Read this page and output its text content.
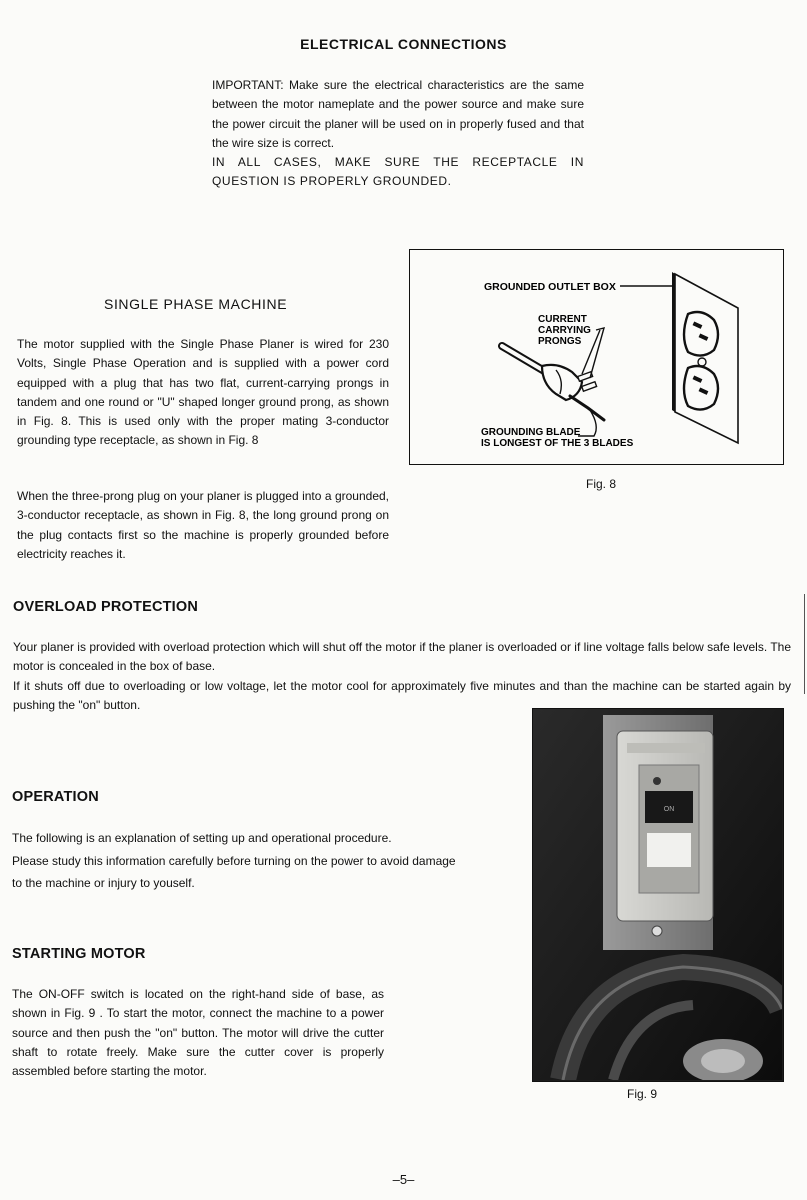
ELECTRICAL CONNECTIONS

IMPORTANT: Make sure the electrical characteristics are the same between the motor nameplate and the power source and make sure the power circuit the planer will be used on in properly fused and that the wire size is correct.

IN ALL CASES, MAKE SURE THE RECEPTACLE IN QUESTION IS PROPERLY GROUNDED.

SINGLE PHASE MACHINE

The motor supplied with the Single Phase Planer is wired for 230 Volts, Single Phase Operation and is supplied with a power cord equipped with a plug that has two flat, current-carrying prongs in tandem and one round or "U" shaped longer ground prong, as shown in Fig. 8. This is used only with the proper mating 3-conductor grounding type receptacle, as shown in Fig. 8

When the three-prong plug on your planer is plugged into a grounded, 3-conductor receptacle, as shown in Fig. 8, the long ground prong on the plug contacts first so the machine is properly grounded before electricity reaches it.

GROUNDED OUTLET BOX
CURRENT
CARRYING
PRONGS
GROUNDING BLADE
IS LONGEST OF THE 3 BLADES
Fig. 8
OVERLOAD PROTECTION

Your planer is provided with overload protection which will shut off the motor if the planer is overloaded or if line voltage falls below safe levels. The motor is concealed in the box of base.

If it shuts off due to overloading or low voltage, let the motor cool for approximately five minutes and than the machine can be started again by pushing the "on" button.

OPERATION

The following is an explanation of setting up and operational procedure.

Please study this information carefully before turning on the power to avoid damage to the machine or injury to youself.

STARTING MOTOR

The ON-OFF switch is located on the right-hand side of base, as shown in Fig. 9 . To start the motor, connect the machine to a power source and then push the "on" button. The motor will drive the cutter shaft to rotate freely. Make sure the cutter cover is properly assembled before starting the motor.

ON
Fig. 9
–5–
